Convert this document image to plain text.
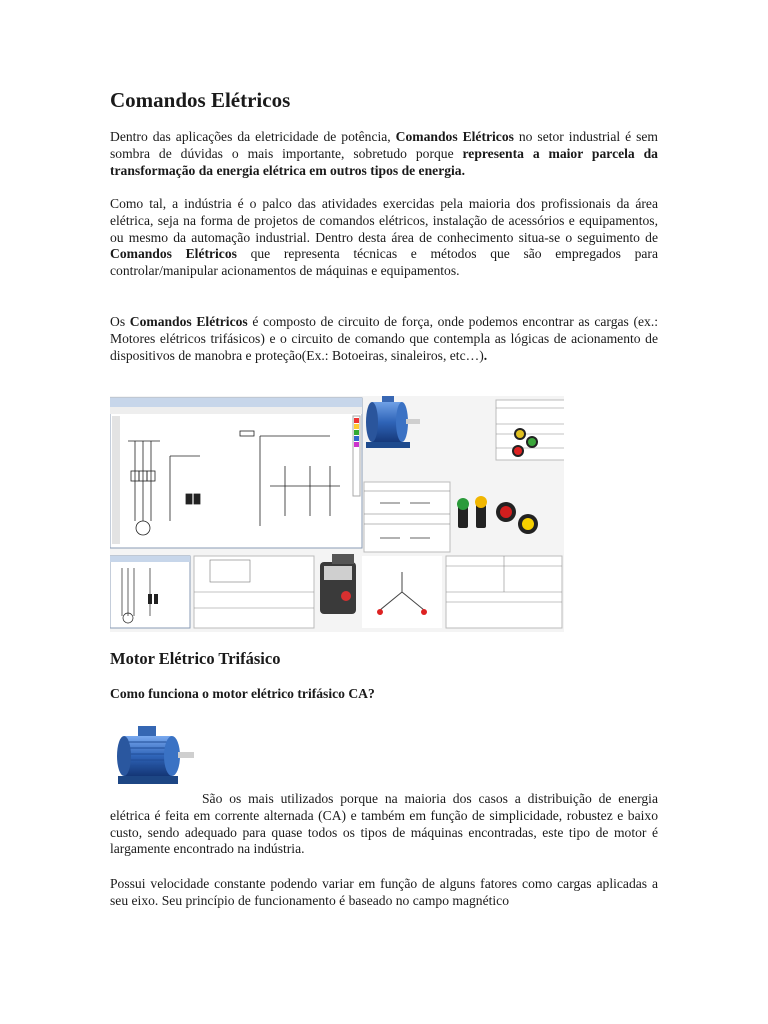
Comandos Elétricos

Dentro das aplicações da eletricidade de potência, Comandos Elétricos no setor industrial é sem sombra de dúvidas o mais importante, sobretudo porque representa a maior parcela da transformação da energia elétrica em outros tipos de energia.

Como tal, a indústria é o palco das atividades exercidas pela maioria dos profissionais da área elétrica, seja na forma de projetos de comandos elétricos, instalação de acessórios e equipamentos, ou mesmo da automação industrial. Dentro desta área de conhecimento situa-se o seguimento de Comandos Elétricos que representa técnicas e métodos que são empregados para controlar/manipular acionamentos de máquinas e equipamentos.

Os Comandos Elétricos é composto de circuito de força, onde podemos encontrar as cargas (ex.: Motores elétricos trifásicos) e o circuito de comando que contempla as lógicas de acionamento de dispositivos de manobra e proteção(Ex.: Botoeiras, sinaleiros, etc…).

Motor Elétrico Trifásico
Como funciona o motor elétrico trifásico CA?

São os mais utilizados porque na maioria dos casos a distribuição de energia elétrica é feita em corrente alternada (CA) e também em função de simplicidade, robustez e baixo custo, sendo adequado para quase todos os tipos de máquinas encontradas, este tipo de motor é largamente encontrado na indústria.

Possui velocidade constante podendo variar em função de alguns fatores como cargas aplicadas a seu eixo. Seu princípio de funcionamento é baseado no campo magnético
